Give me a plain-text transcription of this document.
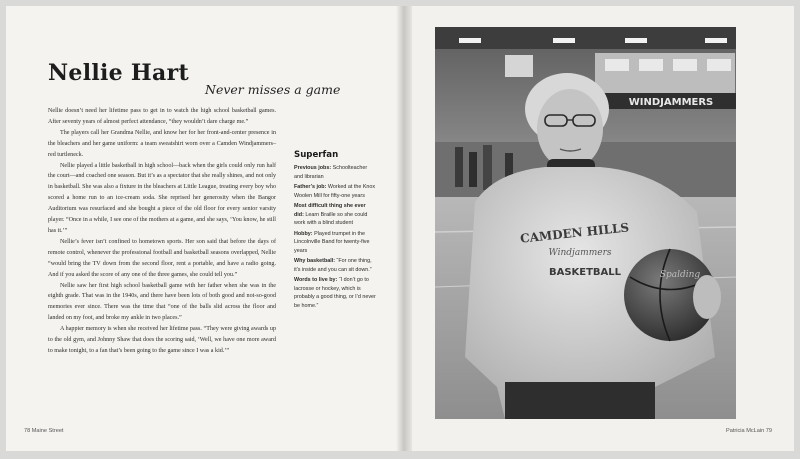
Nellie Hart
Never misses a game

Nellie doesn’t need her lifetime pass to get in to watch the high school basketball games. After seventy years of almost perfect attendance, “they wouldn’t dare charge me.”

The players call her Grandma Nellie, and know her for her front-and-center presence in the bleachers and her game uniform: a team sweatshirt worn over a Camden Windjammers–red turtleneck.

Nellie played a little basketball in high school—back when the girls could only run half the court—and coached one season. But it’s as a spectator that she really shines, and not only in basketball. She was also a fixture in the bleachers at Little League, treating every boy who scored a home run to an ice-cream soda. She reprised her generosity when the Bangor Auditorium was resurfaced and she bought a piece of the old floor for every senior varsity player. “Once in a while, I see one of the mothers at a game, and she says, ‘You know, he still has it.’”

Nellie’s fever isn’t confined to hometown sports. Her son said that before the days of remote control, whenever the professional football and basketball seasons overlapped, Nellie “would bring the TV down from the second floor, rent a portable, and have a radio going. And if you asked the score of any one of the three games, she could tell you.”

Nellie saw her first high school basketball game with her father when she was in the eighth grade. That was in the 1940s, and there have been lots of both good and not-so-good memories ever since. There was the time that “one of the balls slid across the floor and landed on my foot, and broke my ankle in two places.”

A happier memory is when she received her lifetime pass. “They were giving awards up to the old gym, and Johnny Shaw that does the scoring said, ‘Well, we have one more award to make tonight, to a fan that’s been going to the game since I was a kid.’”

Superfan
Previous jobs: Schoolteacher and librarian
Father’s job: Worked at the Knox Woolen Mill for fifty-one years
Most difficult thing she ever did: Learn Braille so she could work with a blind student
Hobby: Played trumpet in the Lincolnville Band for twenty-five years
Why basketball: “For one thing, it’s inside and you can sit down.”
Words to live by: “I don’t go to lacrosse or hockey, which is probably a good thing, or I’d never be home.”
78 Maine Street	Patricia McLain 79
WINDJAMMERS
CAMDEN HILLS
Windjammers
BASKETBALL	Spalding
